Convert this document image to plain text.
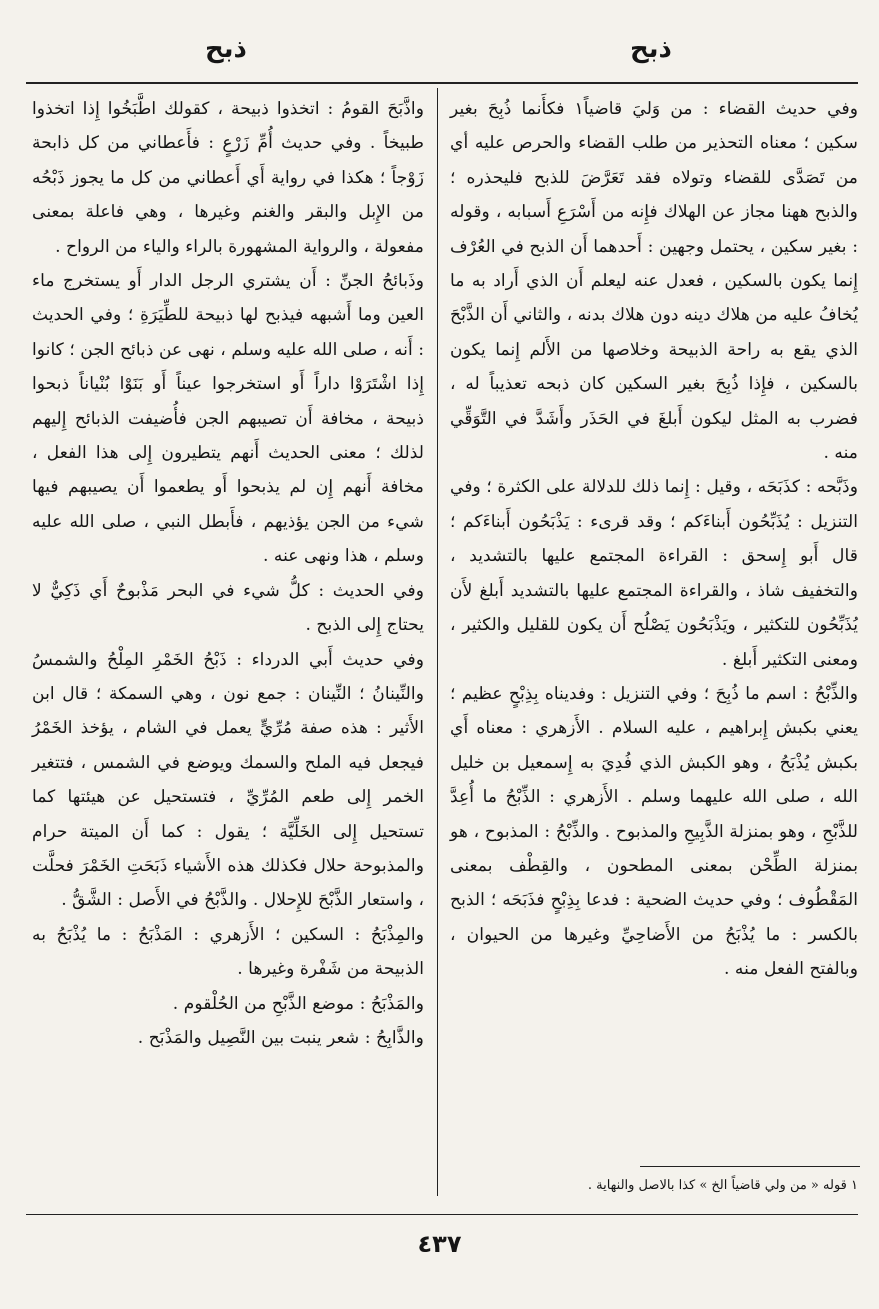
ذبح	ذبح

وفي حديث القضاء : من وَليَ قاضياً١ فكأَنما ذُبِحَ بغير سكين ؛ معناه التحذير من طلب القضاء والحرص عليه أي من تَصَدَّى للقضاء وتولاه فقد تَعَرَّضَ للذبح فليحذره ؛ والذبح ههنا مجاز عن الهلاك فإِنه من أَسْرَعِ أَسبابه ، وقوله : بغير سكين ، يحتمل وجهين : أَحدهما أَن الذبح في العُرْف إِنما يكون بالسكين ، فعدل عنه ليعلم أَن الذي أَراد به ما يُخافُ عليه من هلاك دينه دون هلاك بدنه ، والثاني أَن الذَّبْحَ الذي يقع به راحة الذبيحة وخلاصها من الأَلم إِنما يكون بالسكين ، فإِذا ذُبِحَ بغير السكين كان ذبحه تعذيباً له ، فضرب به المثل ليكون أَبلغَ في الحَذَر وأَشَدَّ في التَّوَقِّي منه .

وذَبَّحه : كذَبَحَه ، وقيل : إِنما ذلك للدلالة على الكثرة ؛ وفي التنزيل : يُذَبِّحُون أَبناءَكم ؛ وقد قرىء : يَذْبَحُون أَبناءَكم ؛ قال أَبو إِسحق : القراءة المجتمع عليها بالتشديد ، والتخفيف شاذ ، والقراءة المجتمع عليها بالتشديد أَبلغ لأَن يُذَبِّحُون للتكثير ، ويَذْبَحُون يَصْلُح أَن يكون للقليل والكثير ، ومعنى التكثير أَبلغ .

والذِّبْحُ : اسم ما ذُبِحَ ؛ وفي التنزيل : وفديناه بِذِبْحٍ عظيم ؛ يعني بكبش إِبراهيم ، عليه السلام . الأَزهري : معناه أَي بكبش يُذْبَحُ ، وهو الكبش الذي فُدِيَ به إِسمعيل بن خليل الله ، صلى الله عليهما وسلم . الأَزهري : الذِّبْحُ ما أُعِدَّ للذَّبْحِ ، وهو بمنزلة الذَّبِيحِ والمذبوح . والذِّبْحُ : المذبوح ، هو بمنزلة الطِّحْن بمعنى المطحون ، والقِطْف بمعنى المَقْطُوف ؛ وفي حديث الضحية : فدعا بِذِبْحٍ فذَبَحَه ؛ الذبح بالكسر : ما يُذْبَحُ من الأَضاحِيِّ وغيرها من الحيوان ، وبالفتح الفعل منه .

واذَّبَحَ القومُ : اتخذوا ذبيحة ، كقولك اطَّبَخُوا إِذا اتخذوا طبيخاً . وفي حديث أُمِّ زَرْعٍ : فأَعطاني من كل ذابحة زَوْجاً ؛ هكذا في رواية أَي أَعطاني من كل ما يجوز ذَبْحُه من الإِبل والبقر والغنم وغيرها ، وهي فاعلة بمعنى مفعولة ، والرواية المشهورة بالراء والياء من الرواح .

وذَبائحُ الجنِّ : أَن يشتري الرجل الدار أَو يستخرج ماء العين وما أَشبهه فيذبح لها ذبيحة للطِّيَرَةِ ؛ وفي الحديث : أَنه ، صلى الله عليه وسلم ، نهى عن ذبائح الجن ؛ كانوا إِذا اشْتَرَوْا داراً أَو استخرجوا عيناً أَو بَنَوْا بُنْياناً ذبحوا ذبيحة ، مخافة أَن تصيبهم الجن فأُضيفت الذبائح إِليهم لذلك ؛ معنى الحديث أَنهم يتطيرون إِلى هذا الفعل ، مخافة أَنهم إِن لم يذبحوا أَو يطعموا أَن يصيبهم فيها شيء من الجن يؤذيهم ، فأَبطل النبي ، صلى الله عليه وسلم ، هذا ونهى عنه .

وفي الحديث : كلُّ شيء في البحر مَذْبوحٌ أَي ذَكِيٌّ لا يحتاج إِلى الذبح .

وفي حديث أَبي الدرداء : ذَبْحُ الخَمْرِ المِلْحُ والشمسُ والنِّينانُ ؛ النِّينان : جمع نون ، وهي السمكة ؛ قال ابن الأَثير : هذه صفة مُرِّيٍّ يعمل في الشام ، يؤخذ الخَمْرُ فيجعل فيه الملح والسمك ويوضع في الشمس ، فتتغير الخمر إِلى طعم المُرِّيِّ ، فتستحيل عن هيئتها كما تستحيل إِلى الخَلِّيَّة ؛ يقول : كما أَن الميتة حرام والمذبوحة حلال فكذلك هذه الأَشياء ذَبَحَتِ الخَمْرَ فحلَّت ، واستعار الذَّبْحَ للإِحلال . والذَّبْحُ في الأَصل : الشَّقُّ .

والمِذْبَحُ : السكين ؛ الأَزهري : المَذْبَحُ : ما يُذْبَحُ به الذبيحة من شَفْرة وغيرها .

والمَذْبَحُ : موضع الذَّبْحِ من الحُلْقوم .

والذَّابِحُ : شعر ينبت بين النَّصِيل والمَذْبَح .

١ قوله « من ولي قاضياً الخ » كذا بالاصل والنهاية .
٤٣٧
